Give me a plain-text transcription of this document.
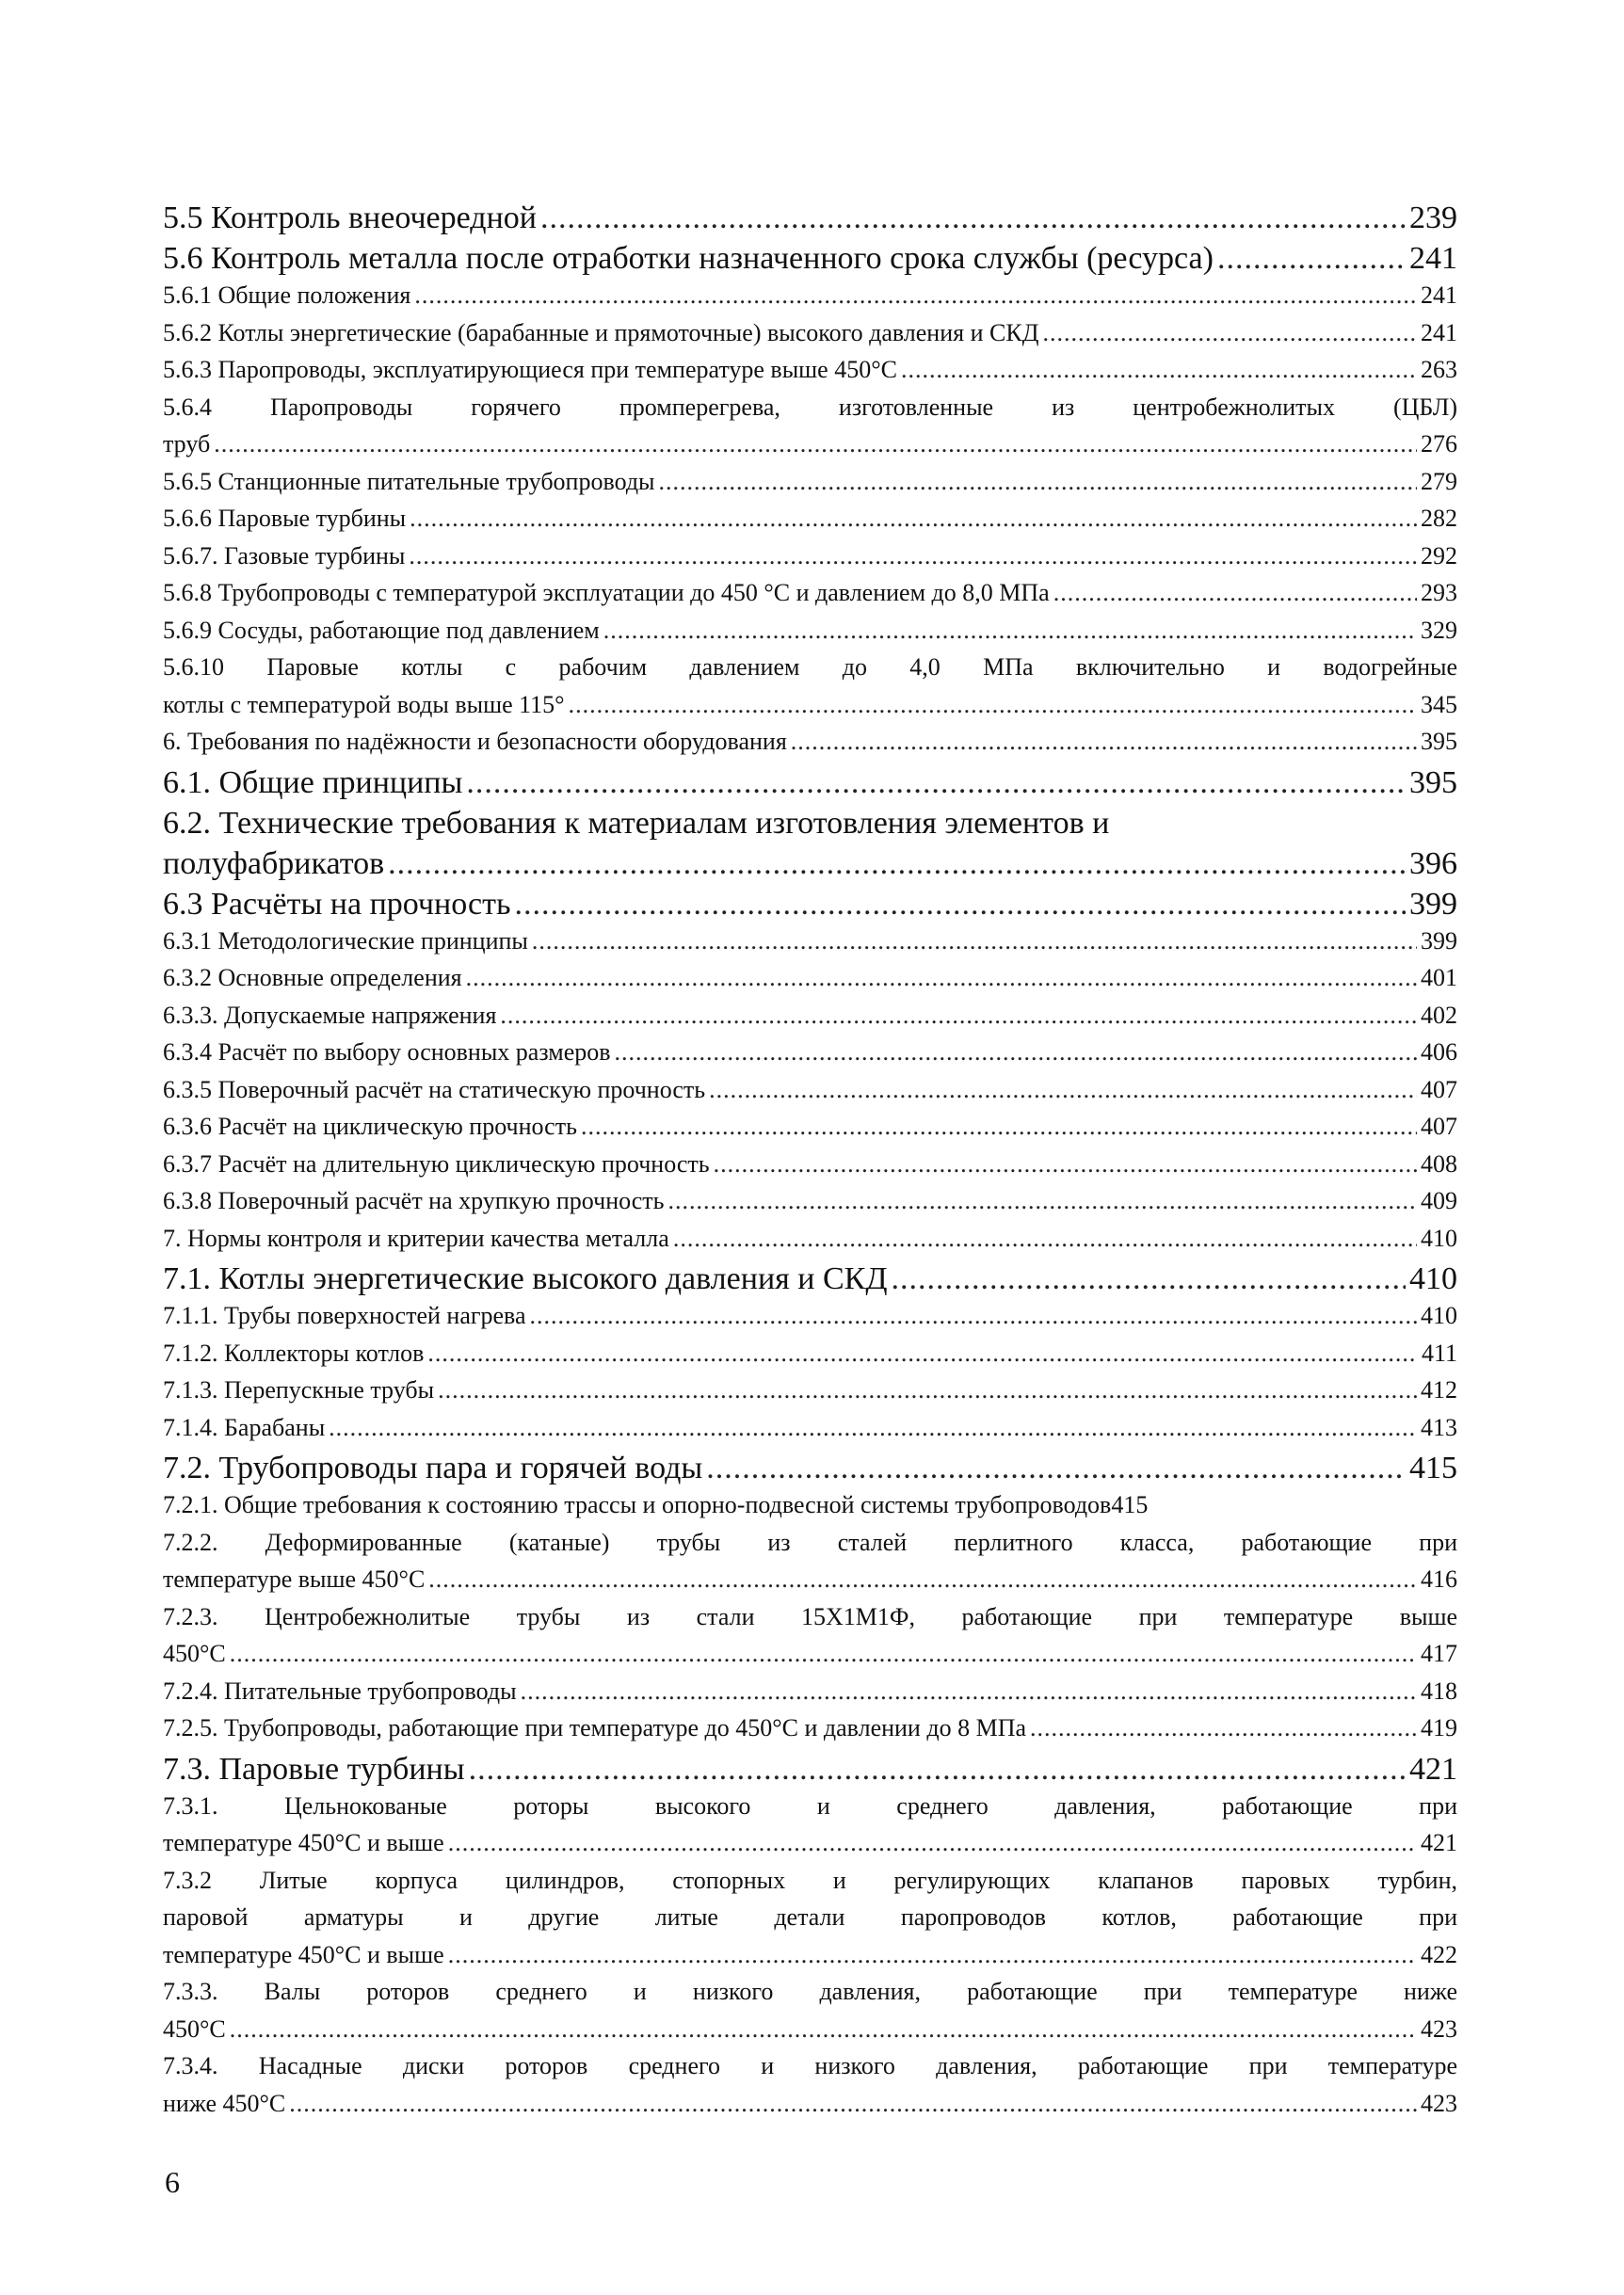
5.5 Контроль внеочередной .....	239
5.6 Контроль металла после отработки назначенного срока службы (ресурса) .....	241
5.6.1 Общие положения .....	241
5.6.2 Котлы энергетические (барабанные и прямоточные) высокого давления и СКД .....	241
5.6.3 Паропроводы, эксплуатирующиеся при температуре выше 450°С .....	263
5.6.4 Паропроводы горячего промперегрева, изготовленные из центробежнолитых (ЦБЛ)
труб .....	276
5.6.5 Станционные питательные трубопроводы .....	279
5.6.6 Паровые турбины .....	282
5.6.7. Газовые турбины .....	292
5.6.8 Трубопроводы с температурой эксплуатации до 450 °С и давлением до 8,0 МПа .....	293
5.6.9 Сосуды, работающие под давлением .....	329
5.6.10 Паровые котлы с рабочим давлением до 4,0 МПа включительно и водогрейные
котлы с температурой воды выше 115° .....	345
6. Требования по надёжности и безопасности оборудования .....	395
6.1. Общие принципы .....	395
6.2. Технические требования к материалам изготовления элементов и
полуфабрикатов .....	396
6.3 Расчёты на прочность .....	399
6.3.1 Методологические принципы .....	399
6.3.2 Основные определения .....	401
6.3.3. Допускаемые напряжения .....	402
6.3.4 Расчёт по выбору основных размеров .....	406
6.3.5 Поверочный расчёт на статическую прочность .....	407
6.3.6 Расчёт на циклическую прочность .....	407
6.3.7 Расчёт на длительную циклическую прочность .....	408
6.3.8 Поверочный расчёт на хрупкую прочность .....	409
7. Нормы контроля и критерии качества металла .....	410
7.1. Котлы энергетические высокого давления и СКД .....	410
7.1.1. Трубы поверхностей нагрева .....	410
7.1.2. Коллекторы котлов .....	411
7.1.3. Перепускные трубы .....	412
7.1.4. Барабаны .....	413
7.2. Трубопроводы пара и горячей воды .....	415
7.2.1. Общие требования к состоянию трассы и опорно-подвесной системы трубопроводов 415
7.2.2. Деформированные (катаные) трубы из сталей перлитного класса, работающие при
температуре выше 450°С .....	416
7.2.3. Центробежнолитые трубы из стали 15Х1М1Ф, работающие при температуре выше
450°С .....	417
7.2.4. Питательные трубопроводы .....	418
7.2.5. Трубопроводы, работающие при температуре до 450°С и давлении до 8 МПа .....	419
7.3. Паровые турбины .....	421
7.3.1. Цельнокованые роторы высокого и среднего давления, работающие при
температуре 450°С и выше .....	421
7.3.2 Литые корпуса цилиндров, стопорных и регулирующих клапанов паровых турбин,
паровой арматуры и другие литые детали паропроводов котлов, работающие при
температуре 450°С и выше .....	422
7.3.3. Валы роторов среднего и низкого давления, работающие при температуре ниже
450°С .....	423
7.3.4. Насадные диски роторов среднего и низкого давления, работающие при температуре
ниже 450°С .....	423
6
